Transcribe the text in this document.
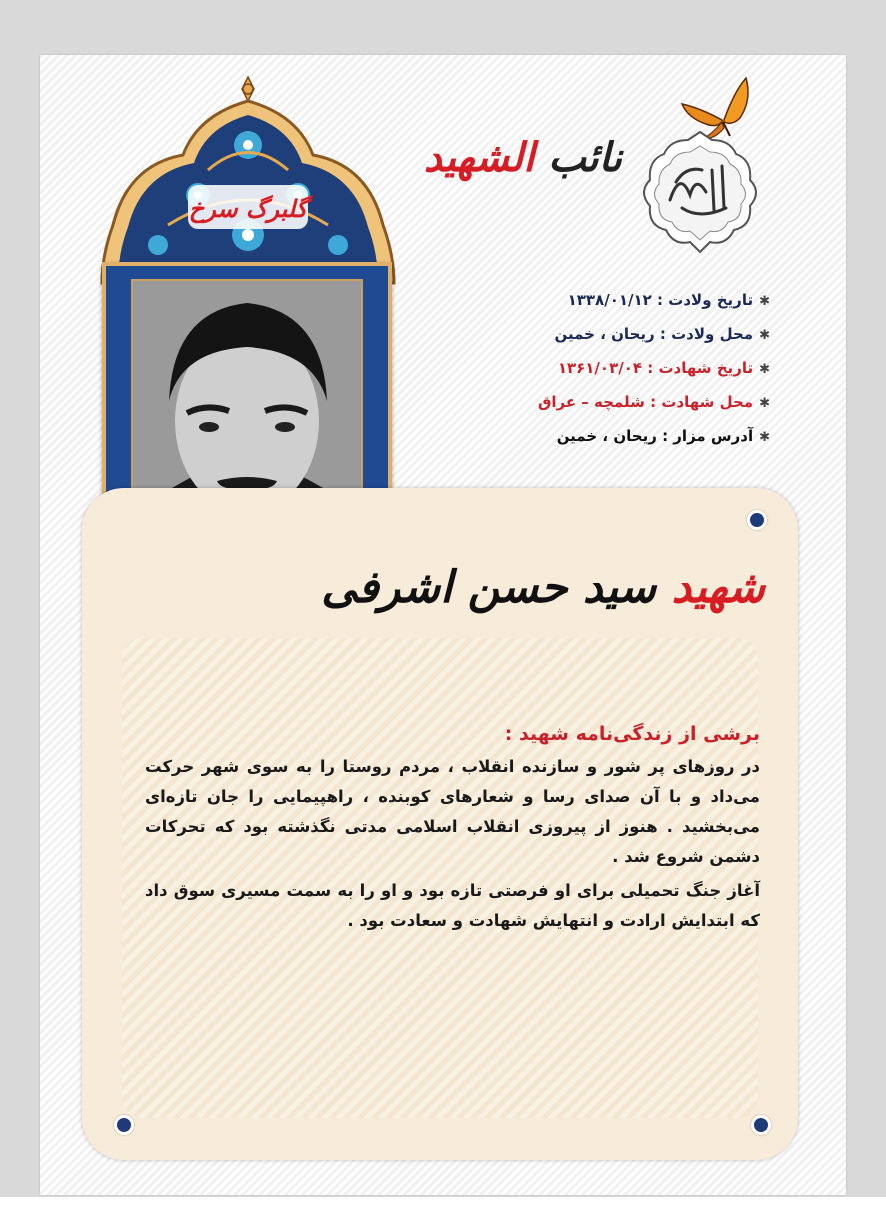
نائب الشهید
گلبرگ سرخ
✱تاریخ ولادت : ۱۳۳۸/۰۱/۱۲
✱محل ولادت : ریحان ، خمین
✱تاریخ شهادت : ۱۳۶۱/۰۳/۰۴
✱محل شهادت : شلمچه – عراق
✱آدرس مزار : ریحان ، خمین
شهید سید حسن اشرفی
برشی از زندگی‌نامه شهید :

در روزهای پر شور و سازنده انقلاب ، مردم روستا را به سوی شهر حرکت می‌داد و با آن صدای رسا و شعارهای کوبنده ، راهپیمایی را جان تازه‌ای می‌بخشید . هنوز از پیروزی انقلاب اسلامی مدتی نگذشته بود که تحرکات دشمن شروع شد .

آغاز جنگ تحمیلی برای او فرصتی تازه بود و او را به سمت مسیری سوق داد که ابتدایش ارادت و انتهایش شهادت و سعادت بود .
